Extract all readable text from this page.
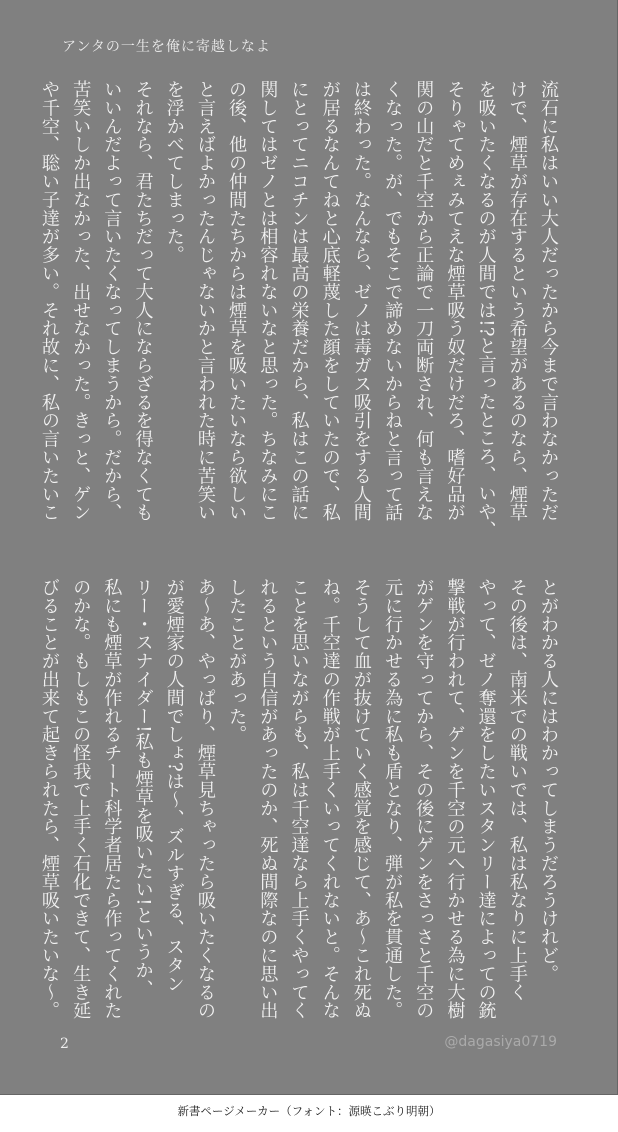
アンタの一生を俺に寄越しなよ
流石に私はいい大人だったから今まで言わなかっただ
けで、煙草が存在するという希望があるのなら、煙草
を吸いたくなるのが人間では!?と言ったところ、いや、
そりゃてめぇみてえな煙草吸う奴だけだろ、嗜好品が
関の山だと千空から正論で一刀両断され、何も言えな
くなった。が、でもそこで諦めないからねと言って話
は終わった。なんなら、ゼノは毒ガス吸引をする人間
が居るなんてねと心底軽蔑した顔をしていたので、私
にとってニコチンは最高の栄養だから、私はこの話に
関してはゼノとは相容れないなと思った。ちなみにこ
の後、他の仲間たちからは煙草を吸いたいなら欲しい
と言えばよかったんじゃないかと言われた時に苦笑い
を浮かべてしまった。
それなら、君たちだって大人にならざるを得なくても
いいんだよって言いたくなってしまうから。だから、
苦笑いしか出なかった、出せなかった。きっと、ゲン
や千空、聡い子達が多い。それ故に、私の言いたいこ
とがわかる人にはわかってしまうだろうけれど。
その後は、南米での戦いでは、私は私なりに上手く
やって、ゼノ奪還をしたいスタンリー達によっての銃
撃戦が行われて、ゲンを千空の元へ行かせる為に大樹
がゲンを守ってから、その後にゲンをさっさと千空の
元に行かせる為に私も盾となり、弾が私を貫通した。
そうして血が抜けていく感覚を感じて、あ〜これ死ぬ
ね。千空達の作戦が上手くいってくれないと。そんな
ことを思いながらも、私は千空達なら上手くやってく
れるという自信があったのか、死ぬ間際なのに思い出
したことがあった。
あ〜あ、やっぱり、煙草見ちゃったら吸いたくなるの
が愛煙家の人間でしょ?は〜、ズルすぎる、スタン
リー・スナイダー!私も煙草を吸いたい!というか、
私にも煙草が作れるチート科学者居たら作ってくれた
のかな。もしもこの怪我で上手く石化できて、生き延
びることが出来て起きられたら、煙草吸いたいな〜。
2	@dagasiya0719
新書ページメーカー（フォント：源暎こぶり明朝）
